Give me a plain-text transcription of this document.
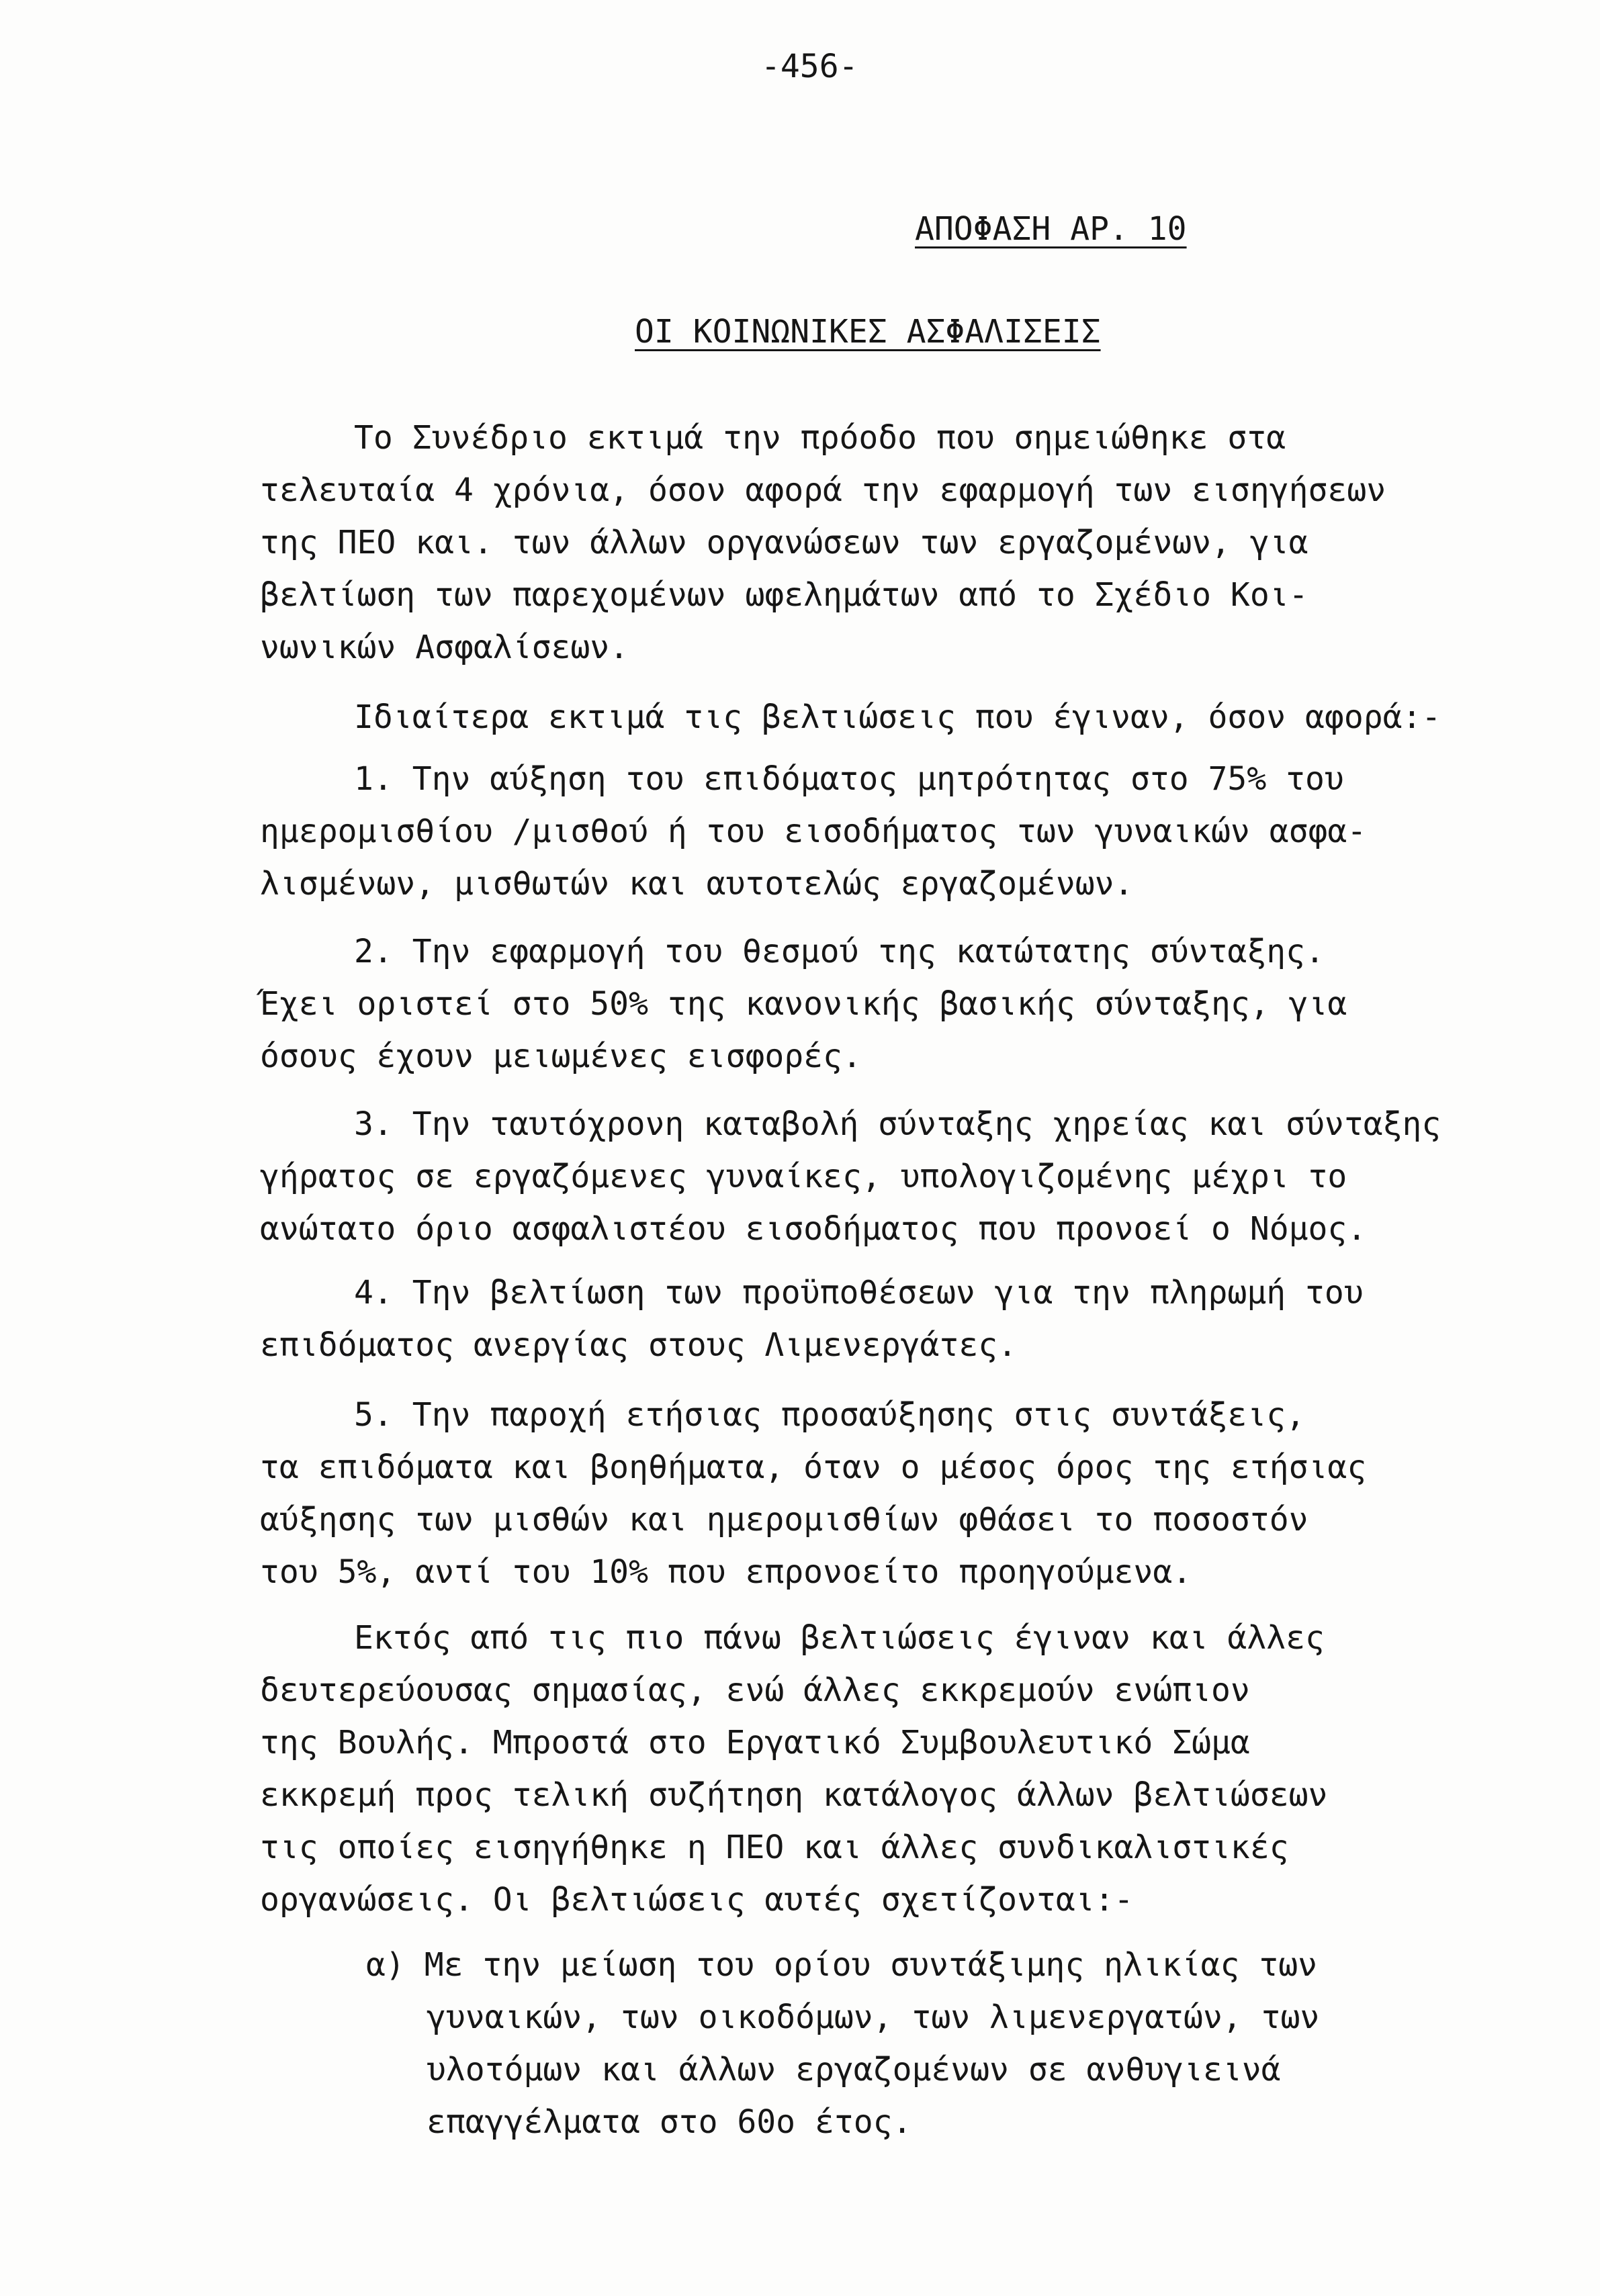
-456-
ΑΠΟΦΑΣΗ ΑΡ. 10
ΟΙ ΚΟΙΝΩΝΙΚΕΣ ΑΣΦΑΛΙΣΕΙΣ
Το Συνέδριο εκτιμά την πρόοδο που σημειώθηκε στα
τελευταία 4 χρόνια, όσον αφορά την εφαρμογή των εισηγήσεων
της ΠΕΟ και. των άλλων οργανώσεων των εργαζομένων, για
βελτίωση των παρεχομένων ωφελημάτων από το Σχέδιο Κοι-
νωνικών Ασφαλίσεων.
Ιδιαίτερα εκτιμά τις βελτιώσεις που έγιναν, όσον αφορά:-
1. Την αύξηση του επιδόματος μητρότητας στο 75% του
ημερομισθίου /μισθού ή του εισοδήματος των γυναικών ασφα-
λισμένων, μισθωτών και αυτοτελώς εργαζομένων.
2. Την εφαρμογή του θεσμού της κατώτατης σύνταξης.
Έχει οριστεί στο 50% της κανονικής βασικής σύνταξης, για
όσους έχουν μειωμένες εισφορές.
3. Την ταυτόχρονη καταβολή σύνταξης χηρείας και σύνταξης
γήρατος σε εργαζόμενες γυναίκες, υπολογιζομένης μέχρι το
ανώτατο όριο ασφαλιστέου εισοδήματος που προνοεί ο Νόμος.
4. Την βελτίωση των προϋποθέσεων για την πληρωμή του
επιδόματος ανεργίας στους Λιμενεργάτες.
5. Την παροχή ετήσιας προσαύξησης στις συντάξεις,
τα επιδόματα και βοηθήματα, όταν ο μέσος όρος της ετήσιας
αύξησης των μισθών και ημερομισθίων φθάσει το ποσοστόν
του 5%, αντί του 10% που επρονοείτο προηγούμενα.
Εκτός από τις πιο πάνω βελτιώσεις έγιναν και άλλες
δευτερεύουσας σημασίας, ενώ άλλες εκκρεμούν ενώπιον
της Βουλής. Μπροστά στο Εργατικό Συμβουλευτικό Σώμα
εκκρεμή προς τελική συζήτηση κατάλογος άλλων βελτιώσεων
τις οποίες εισηγήθηκε η ΠΕΟ και άλλες συνδικαλιστικές
οργανώσεις. Οι βελτιώσεις αυτές σχετίζονται:-
α) Με την μείωση του ορίου συντάξιμης ηλικίας των
γυναικών, των οικοδόμων, των λιμενεργατών, των
υλοτόμων και άλλων εργαζομένων σε ανθυγιεινά
επαγγέλματα στο 60ο έτος.
